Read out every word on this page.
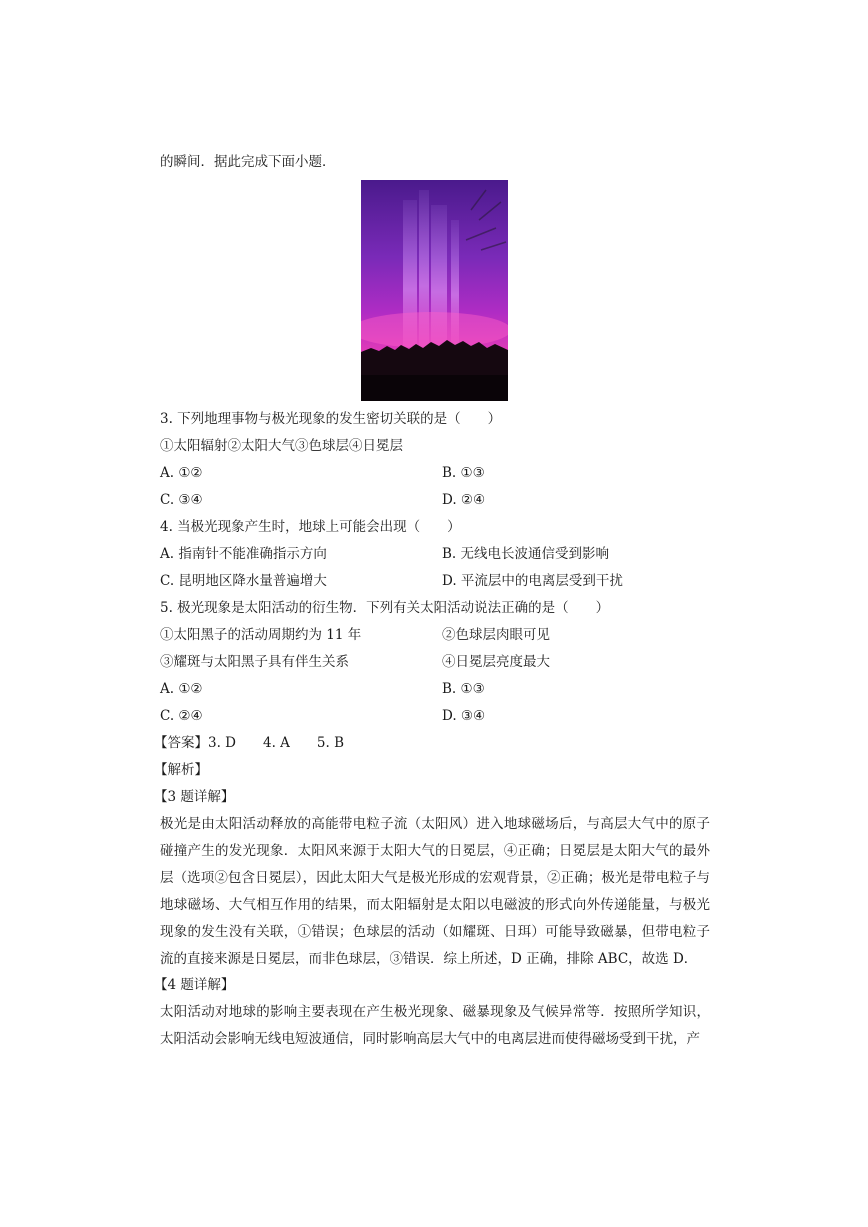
的瞬间．据此完成下面小题．
3. 下列地理事物与极光现象的发生密切关联的是（　　）
①太阳辐射②太阳大气③色球层④日冕层
A. ①②	B. ①③
C. ③④	D. ②④
4. 当极光现象产生时，地球上可能会出现（　　）
A. 指南针不能准确指示方向	B. 无线电长波通信受到影响
C. 昆明地区降水量普遍增大	D. 平流层中的电离层受到干扰
5. 极光现象是太阳活动的衍生物．下列有关太阳活动说法正确的是（　　）
①太阳黑子的活动周期约为 11 年	②色球层肉眼可见
③耀斑与太阳黑子具有伴生关系	④日冕层亮度最大
A. ①②	B. ①③
C. ②④	D. ③④
【答案】3. D　　4. A　　5. B
【解析】
【3 题详解】
极光是由太阳活动释放的高能带电粒子流（太阳风）进入地球磁场后，与高层大气中的原子碰撞产生的发光现象．太阳风来源于太阳大气的日冕层，④正确；日冕层是太阳大气的最外层（选项②包含日冕层），因此太阳大气是极光形成的宏观背景，②正确；极光是带电粒子与地球磁场、大气相互作用的结果，而太阳辐射是太阳以电磁波的形式向外传递能量，与极光现象的发生没有关联，①错误；色球层的活动（如耀斑、日珥）可能导致磁暴，但带电粒子流的直接来源是日冕层，而非色球层，③错误．综上所述，D 正确，排除 ABC，故选 D．
【4 题详解】
太阳活动对地球的影响主要表现在产生极光现象、磁暴现象及气候异常等．按照所学知识，太阳活动会影响无线电短波通信，同时影响高层大气中的电离层进而使得磁场受到干扰，产
